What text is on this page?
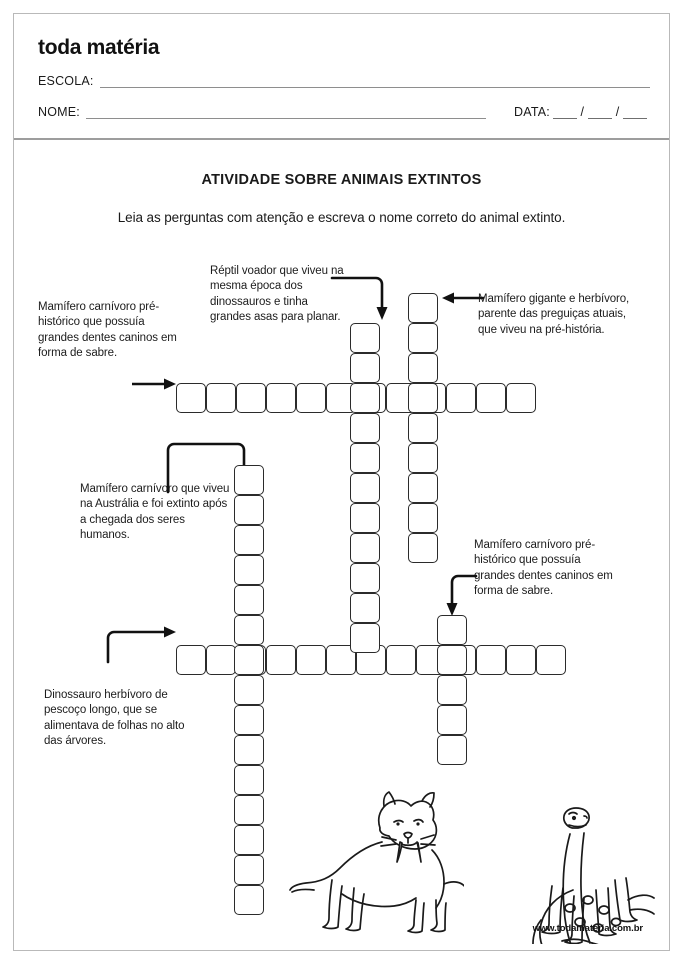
toda matéria
ESCOLA:
NOME:	DATA: /	/
ATIVIDADE SOBRE ANIMAIS EXTINTOS
Leia as perguntas com atenção e escreva o nome correto do animal extinto.
Mamífero carnívoro pré-histórico que possuía grandes dentes caninos em forma de sabre.
Réptil voador que viveu na mesma época dos dinossauros e tinha grandes asas para planar.
Mamífero gigante e herbívoro, parente das preguiças atuais, que viveu na pré-história.
Mamífero carnívoro que viveu na Austrália e foi extinto após a chegada dos seres humanos.
Mamífero carnívoro pré-histórico que possuía grandes dentes caninos em forma de sabre.
Dinossauro herbívoro de pescoço longo, que se alimentava de folhas no alto das árvores.
www.todamateria.com.br
